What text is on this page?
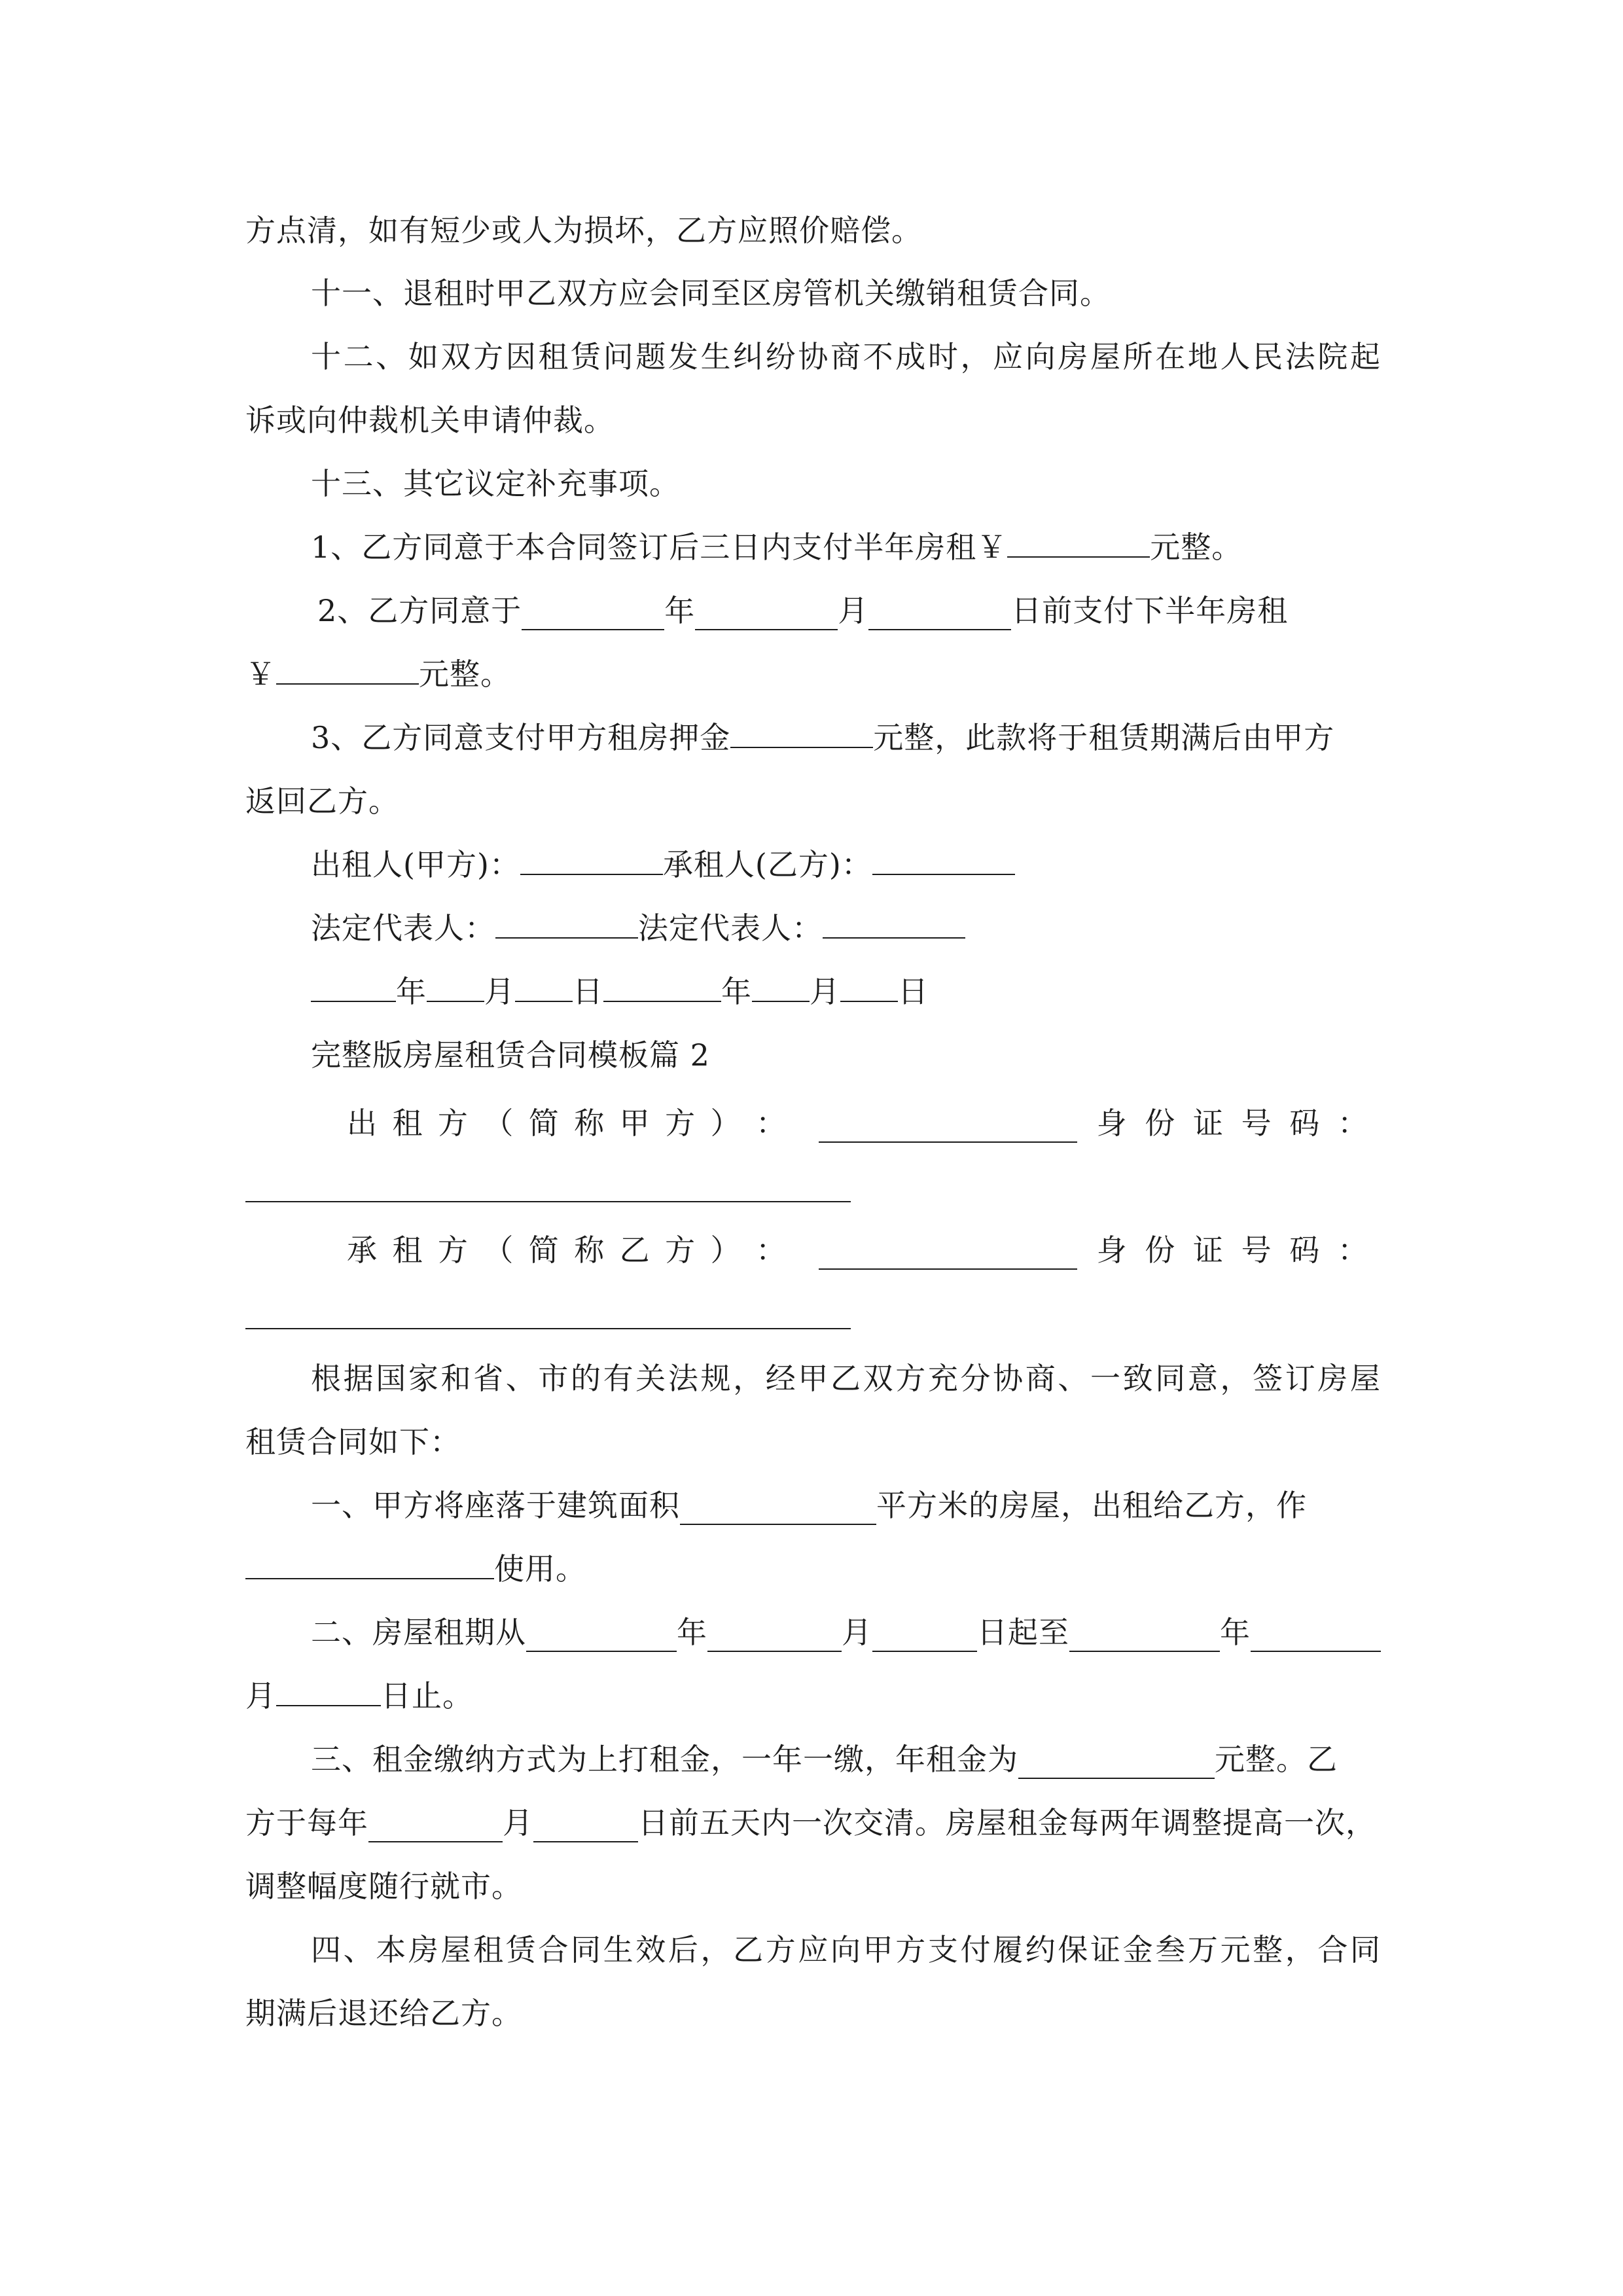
方点清，如有短少或人为损坏，乙方应照价赔偿。
十一、退租时甲乙双方应会同至区房管机关缴销租赁合同。
十二、如双方因租赁问题发生纠纷协商不成时，应向房屋所在地人民法院起
诉或向仲裁机关申请仲裁。
十三、其它议定补充事项。
1、乙方同意于本合同签订后三日内支付半年房租￥	元整。
2、乙方同意于	年	月	日前支付下半年房租
￥	元整。
3、乙方同意支付甲方租房押金	元整，此款将于租赁期满后由甲方
返回乙方。
出租人(甲方)：	承租人(乙方)：
法定代表人：	法定代表人：
年 月 日	年 月 日
完整版房屋租赁合同模板篇 2
出 租 方 （ 简 称 甲 方 ） ：	身 份 证 号 码 ：
承 租 方 （ 简 称 乙 方 ） ：	身 份 证 号 码 ：
根据国家和省、市的有关法规，经甲乙双方充分协商、一致同意，签订房屋
租赁合同如下：
一、甲方将座落于建筑面积	平方米的房屋，出租给乙方，作
使用。
二、房屋租期从	年	月	日起至	年
月	日止。
三、租金缴纳方式为上打租金，一年一缴，年租金为	元整。乙
方于每年	月	日前五天内一次交清。房屋租金每两年调整提高一次，
调整幅度随行就市。
四、本房屋租赁合同生效后，乙方应向甲方支付履约保证金叁万元整，合同
期满后退还给乙方。
